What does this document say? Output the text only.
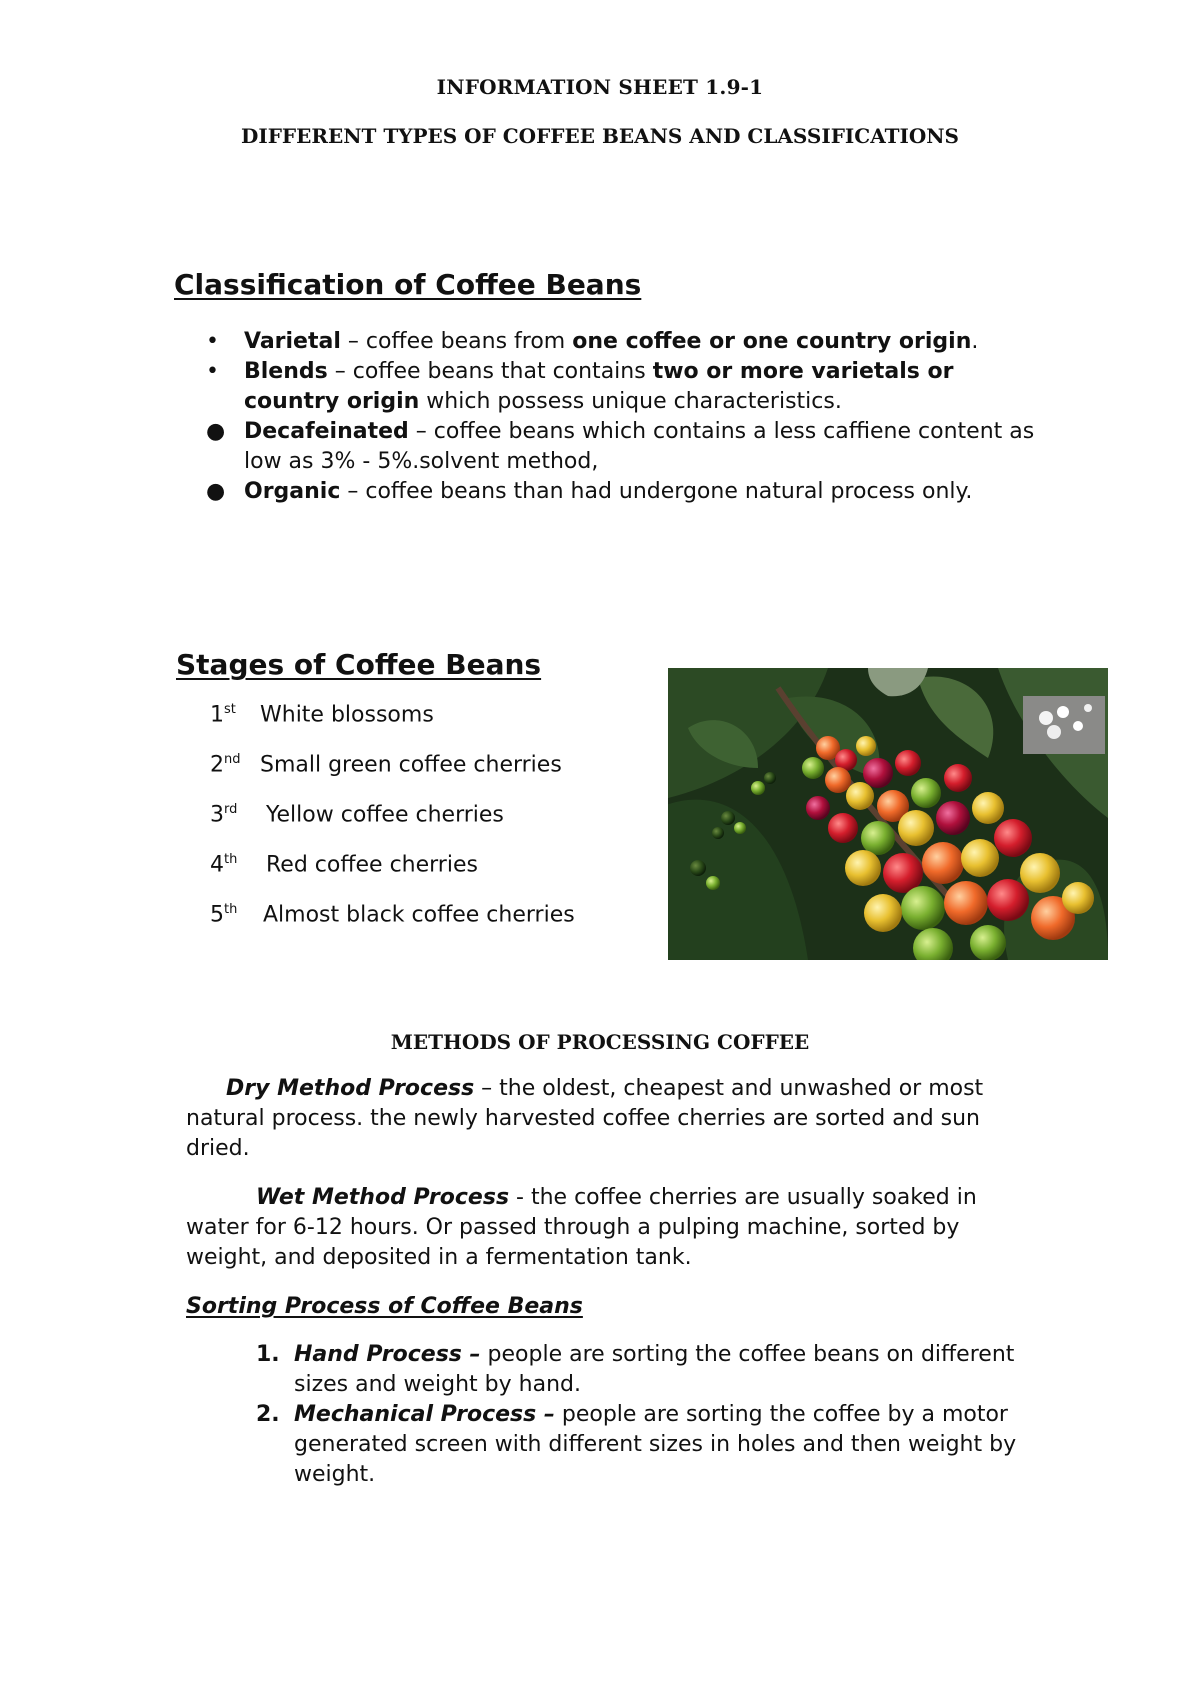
INFORMATION SHEET 1.9-1
DIFFERENT TYPES OF COFFEE BEANS AND CLASSIFICATIONS
Classification of Coffee Beans
• Varietal – coffee beans from one coffee or one country origin.
• Blends – coffee beans that contains two or more varietals or country origin which possess unique characteristics.
● Decafeinated – coffee beans which contains a less caffiene content as low as 3% - 5%.solvent method,
● Organic – coffee beans than had undergone natural process only.
Stages of Coffee Beans
1st White blossoms
2nd Small green coffee cherries
3rd Yellow coffee cherries
4th Red coffee cherries
5th Almost black coffee cherries
METHODS OF PROCESSING COFFEE
Dry Method Process – the oldest, cheapest and unwashed or most natural process. the newly harvested coffee cherries are sorted and sun dried.
Wet Method Process - the coffee cherries are usually soaked in water for 6-12 hours. Or passed through a pulping machine, sorted by weight, and deposited in a fermentation tank.
Sorting Process of Coffee Beans
1. Hand Process – people are sorting the coffee beans on different sizes and weight by hand.
2. Mechanical Process – people are sorting the coffee by a motor generated screen with different sizes in holes and then weight by weight.
